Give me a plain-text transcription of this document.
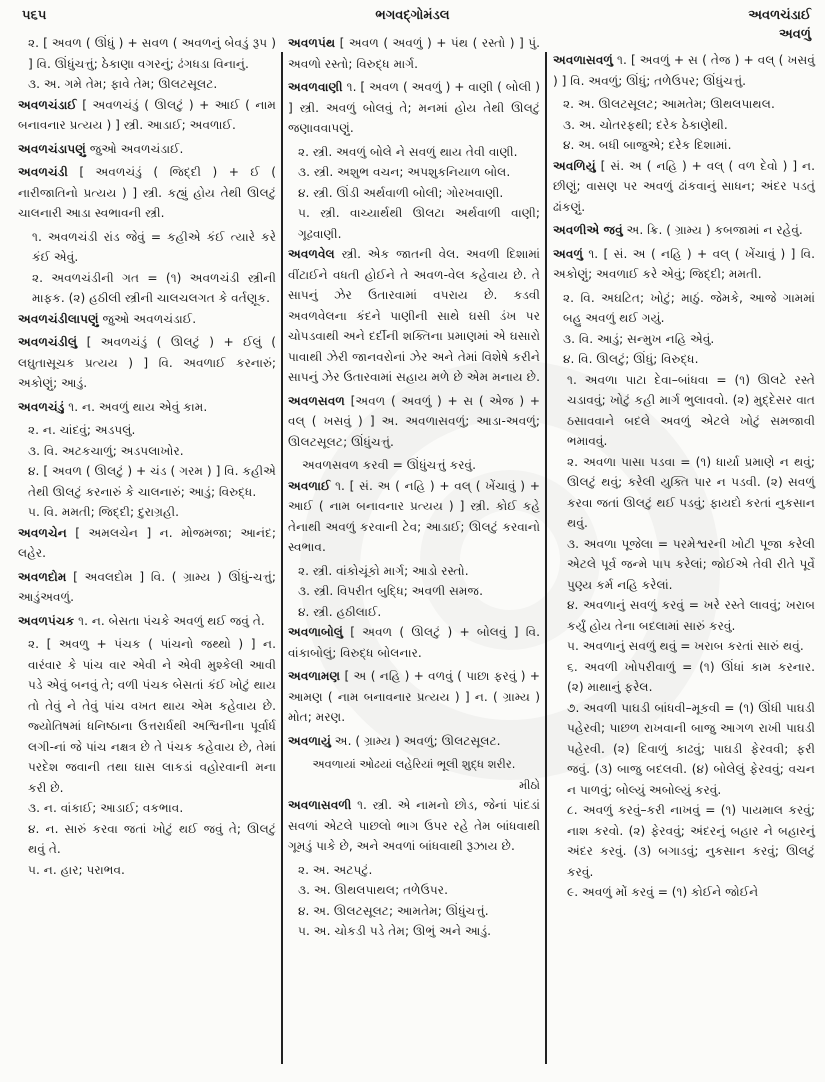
૫૬૫	ભગવદ્ગોમંડલ	અવળચંડાઈ
અવળું

૨. [ અવળ ( ઊંધું ) + સવળ ( અવળનું બેવડું રૂપ ) ] વિ. ઊંધુંચત્તું; ઠેકાણા વગરનું; ઢંગધડા વિનાનું.

૩. અ. ગમે તેમ; ફાવે તેમ; ઊલટસૂલટ.

અવળચંડાઈ [ અવળચંડું ( ઊલટું ) + આઈ ( નામ બનાવનાર પ્રત્યય ) ] સ્ત્રી. આડાઈ; અવળાઈ.

અવળચંડાપણું જુઓ અવળચંડાઈ.

અવળચંડી [ અવળચંડું ( જિદ્દી ) + ઈ ( નારીજાતિનો પ્રત્યય ) ] સ્ત્રી. કહ્યું હોય તેથી ઊલટું ચાલનારી આડા સ્વભાવની સ્ત્રી.

૧. અવળચંડી રાંડ જેવું = કહીએ કંઈ ત્યારે કરે કંઈ એવું.

૨. અવળચંડીની ગત = (૧) અવળચંડી સ્ત્રીની માફક. (૨) હઠીલી સ્ત્રીની ચાલચલગત કે વર્તણૂક.

અવળચંડીલાપણું જુઓ અવળચંડાઈ.

અવળચંડીલું [ અવળચંડું ( ઊલટું ) + ઈલું ( લઘુતાસૂચક પ્રત્યય ) ] વિ. અવળાઈ કરનારું; અકોણું; આડું.

અવળચંડું ૧. ન. અવળું થાય એવું કામ.

૨. ન. ચાંદવું; અડપલું.

૩. વિ. અટકચાળું; અડપલાખોર.

૪. [ અવળ ( ઊલટું ) + ચંડ ( ગરમ ) ] વિ. કહીએ તેથી ઊલટું કરનારું કે ચાલનારું; આડું; વિરુદ્ધ.

૫. વિ. મમતી; જિદ્દી; દુરાગ્રહી.

અવળચેન [ અમલચેન ] ન. મોજમજા; આનંદ; લહેર.

અવળદોમ [ અવલદોમ ] વિ. ( ગ્રામ્ય ) ઊંધું-ચત્તું; આડુંઅવળું.

અવળપંચક ૧. ન. બેસતા પંચકે અવળું થઈ જવું તે.

૨. [ અવળુ + પંચક ( પાંચનો જથ્થો ) ] ન. વારંવાર કે પાંચ વાર એવી ને એવી મુશ્કેલી આવી પડે એવું બનવું તે; વળી પંચક બેસતાં કંઈ ખોટું થાય તો તેવું ને તેવું પાંચ વખત થાય એમ કહેવાય છે. જ્યોતિષમાં ધનિષ્ઠાના ઉત્તરાર્ધથી અશ્વિનીના પૂર્વાર્ધ લગી-નાં જે પાંચ નક્ષત્ર છે તે પંચક કહેવાય છે, તેમાં પરદેશ જવાની તથા ઘાસ લાકડાં વહોરવાની મના કરી છે.

૩. ન. વાંકાઈ; આડાઈ; વકભાવ.

૪. ન. સારું કરવા જતાં ખોટું થઈ જવું તે; ઊલટું થવું તે.

૫. ન. હાર; પરાભવ.

અવળપંથ [ અવળ ( અવળું ) + પંથ ( રસ્તો ) ] પું. અવળો રસ્તો; વિરુદ્ધ માર્ગ.

અવળવાણી ૧. [ અવળ ( અવળું ) + વાણી ( બોલી ) ] સ્ત્રી. અવળું બોલવું તે; મનમાં હોય તેથી ઊલટું જણાવવાપણું.

૨. સ્ત્રી. અવળું બોલે ને સવળું થાય તેવી વાણી.

૩. સ્ત્રી. અશુભ વચન; અપશુકનિયાળ બોલ.

૪. સ્ત્રી. ઊંડી અર્થવાળી બોલી; ગોરખવાણી.

૫. સ્ત્રી. વાચ્યાર્થથી ઊલટા અર્થવાળી વાણી; ગૂઢવાણી.

અવળવેલ સ્ત્રી. એક જાતની વેલ. અવળી દિશામાં વીંટાઈને વધતી હોઈને તે અવળ-વેલ કહેવાય છે. તે સાપનું ઝેર ઉતારવામાં વપરાય છે. કડવી અવળવેલના કંદને પાણીની સાથે ઘસી ડંખ પર ચોપડવાથી અને દર્દીની શક્તિના પ્રમાણમાં એ ઘસારો પાવાથી ઝેરી જાનવરોનાં ઝેર અને તેમાં વિશેષે કરીને સાપનું ઝેર ઉતારવામાં સહાય મળે છે એમ મનાય છે.

અવળસવળ [અવળ ( અવળું ) + સ ( એજ ) + વલ્ ( ખસવું ) ] અ. અવળાસવળું; આડા-અવળું; ઊલટસૂલટ; ઊંધુંચત્તું.

અવળસવળ કરવી = ઊંધુંચત્તું કરવું.

અવળાઈ ૧. [ સં. અ ( નહિ ) + વલ્ ( ખેંચાવું ) + આઈ ( નામ બનાવનાર પ્રત્યય ) ] સ્ત્રી. કોઈ કહે તેનાથી અવળું કરવાની ટેવ; આડાઈ; ઊલટું કરવાનો સ્વભાવ.

૨. સ્ત્રી. વાંકોચૂંકો માર્ગ; આડો રસ્તો.

૩. સ્ત્રી. વિપરીત બુદ્ધિ; અવળી સમજ.

૪. સ્ત્રી. હઠીલાઈ.

અવળાબોલું [ અવળ ( ઊલટું ) + બોલવું ] વિ. વાંકાબોલું; વિરુદ્ધ બોલનાર.

અવળામણ [ અ ( નહિ ) + વળવું ( પાછા ફરવું ) + આમણ ( નામ બનાવનાર પ્રત્યય ) ] ન. ( ગ્રામ્ય ) મોત; મરણ.

અવળાયું અ. ( ગ્રામ્ય ) અવળું; ઊલટસૂલટ.

અવળાયાં ઓઢયાં લહેરિયાં ભૂલી શુદ્ધ શરીર.

મીઠો

અવળાસવળી ૧. સ્ત્રી. એ નામનો છોડ, જેનાં પાંદડાં સવળાં એટલે પાછલો ભાગ ઉપર રહે તેમ બાંધવાથી ગૂમડું પાકે છે, અને અવળાં બાંધવાથી રૂઝાય છે.

૨. અ. અટપટું.

૩. અ. ઊથલપાથલ; તળેઉપર.

૪. અ. ઊલટસૂલટ; આમતેમ; ઊંધુંચત્તું.

૫. અ. ચોકડી પડે તેમ; ઊભું અને આડું.

અવળાસવળું ૧. [ અવળું + સ ( તેજ ) + વલ્ ( ખસવું ) ] વિ. અવળું; ઊંધું; તળેઉપર; ઊંધુંચત્તું.

૨. અ. ઊલટસૂલટ; આમતેમ; ઊથલપાથલ.

૩. અ. ચોતરફથી; દરેક ઠેકાણેથી.

૪. અ. બધી બાજુએ; દરેક દિશામાં.

અવળિયું [ સં. અ ( નહિ ) + વલ્ ( વળ દેવો ) ] ન. છીણું; વાસણ પર અવળું ઢાંકવાનું સાધન; અંદર પડતું ઢાંકણું.

અવળીએ જવું અ. ક્રિ. ( ગ્રામ્ય ) કબજામાં ન રહેવું.

અવળું ૧. [ સં. અ ( નહિ ) + વલ્ ( ખેંચાવું ) ] વિ. અકોણું; અવળાઈ કરે એવું; જિદ્દી; મમતી.

૨. વિ. અઘટિત; ખોટું; માઠું. જેમકે, આજે ગામમાં બહુ અવળું થઈ ગયું.

૩. વિ. આડું; સન્મુખ નહિ એવું.

૪. વિ. ઊલટું; ઊંધું; વિરુદ્ધ.

૧. અવળા પાટા દેવા–બાંધવા = (૧) ઊલટે રસ્તે ચડાવવું; ખોટું કહી માર્ગ ભુલાવવો. (૨) મુદ્દેસર વાત ઠસાવવાને બદલે અવળું એટલે ખોટું સમજાવી ભમાવવું.

૨. અવળા પાસા પડવા = (૧) ધાર્યા પ્રમાણે ન થવું; ઊલટું થવું; કરેલી યુક્તિ પાર ન પડવી. (૨) સવળું કરવા જતાં ઊલટું થઈ પડવું; ફાયદો કરતાં નુકસાન થવું.

૩. અવળા પૂજેલા = પરમેશ્વરની ખોટી પૂજા કરેલી એટલે પૂર્વ જન્મે પાપ કરેલાં; જોઈએ તેવી રીતે પૂર્વે પુણ્ય કર્મ નહિ કરેલાં.

૪. અવળાનું સવળું કરવું = ખરે રસ્તે લાવવું; ખરાબ કર્યું હોય તેના બદલામાં સારું કરવું.

૫. અવળાનું સવળું થવું = ખરાબ કરતાં સારું થવું.

૬. અવળી ખોપરીવાળું = (૧) ઊંધાં કામ કરનાર. (૨) માથાનું ફરેલ.

૭. અવળી પાઘડી બાંધવી–મૂકવી = (૧) ઊંધી પાઘડી પહેરવી; પાછળ રાખવાની બાજુ આગળ રાખી પાઘડી પહેરવી. (૨) દિવાળું કાઢવું; પાઘડી ફેરવવી; ફરી જવું. (૩) બાજુ બદલવી. (૪) બોલેલું ફેરવવું; વચન ન પાળવું; બોલ્યું અબોલ્યું કરવું.

૮. અવળું કરવું–કરી નાખવું = (૧) પાયમાલ કરવું; નાશ કરવો. (૨) ફેરવવું; અંદરનું બહાર ને બહારનું અંદર કરવું. (૩) બગાડવું; નુકસાન કરવું; ઊલટું કરવું.

૯. અવળું મોં કરવું = (૧) કોઈને જોઈને
